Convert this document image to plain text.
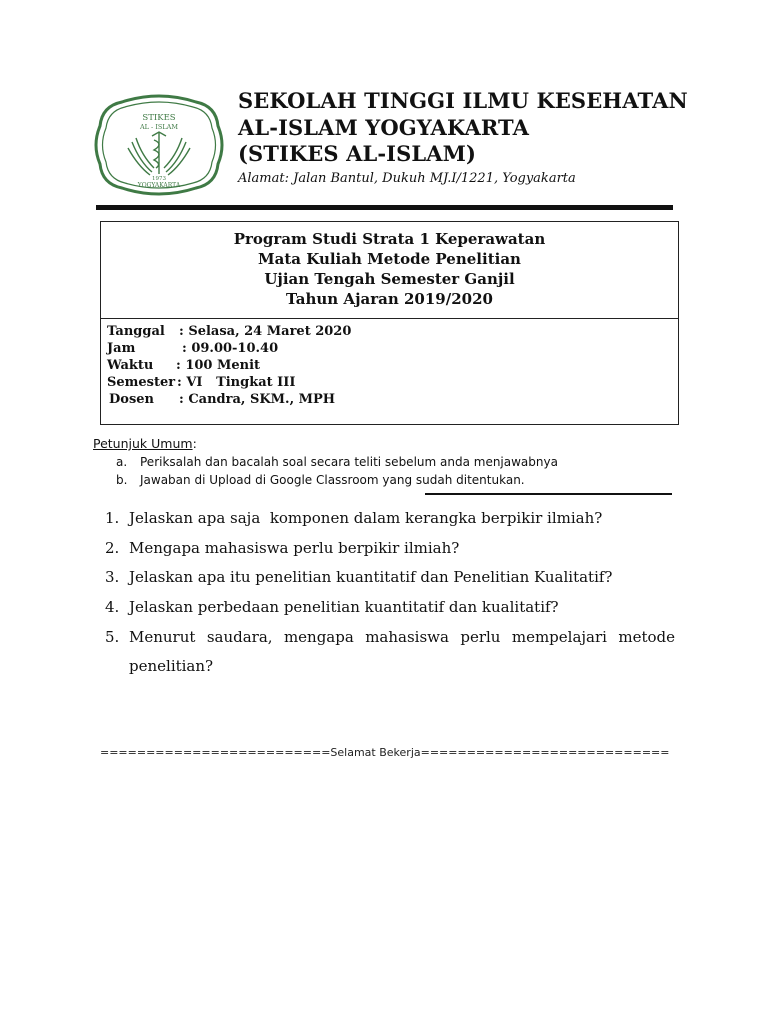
STIKES
AL - ISLAM
1973
YOGYAKARTA
SEKOLAH TINGGI ILMU KESEHATAN
AL-ISLAM YOGYAKARTA
(STIKES AL-ISLAM)
Alamat: Jalan Bantul, Dukuh MJ.I/1221, Yogyakarta
Program Studi Strata 1 Keperawatan
Mata Kuliah Metode Penelitian
Ujian Tengah Semester Ganjil
Tahun Ajaran 2019/2020
Tanggal : Selasa, 24 Maret 2020
Jam	: 09.00-10.40
Waktu : 100 Menit
Semester : VI   Tingkat III
Dosen : Candra, SKM., MPH
Petunjuk Umum:
a. Periksalah dan bacalah soal secara teliti sebelum anda menjawabnya
b. Jawaban di Upload di Google Classroom yang sudah ditentukan.
1. Jelaskan apa saja  komponen dalam kerangka berpikir ilmiah?
2. Mengapa mahasiswa perlu berpikir ilmiah?
3. Jelaskan apa itu penelitian kuantitatif dan Penelitian Kualitatif?
4. Jelaskan perbedaan penelitian kuantitatif dan kualitatif?
5. Menurut saudara, mengapa mahasiswa perlu mempelajari metode penelitian?
=========================Selamat Bekerja===========================
